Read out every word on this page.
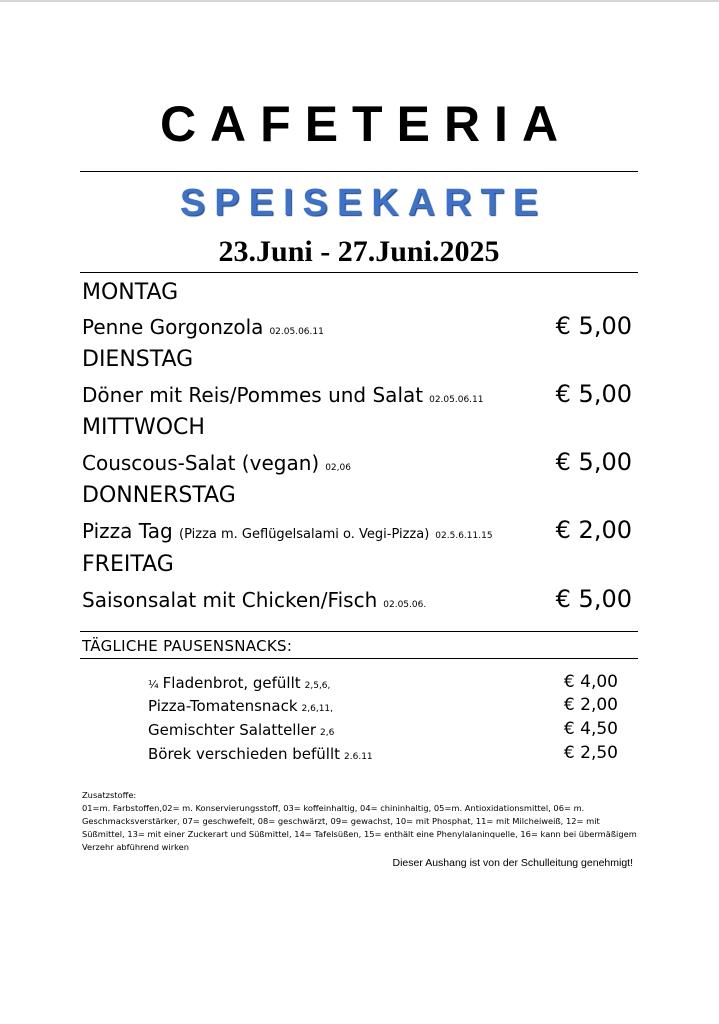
CAFETERIA
SPEISEKARTE
23.Juni - 27.Juni.2025
MONTAG
Penne Gorgonzola 02.05.06.11	€ 5,00
DIENSTAG
Döner mit Reis/Pommes und Salat 02.05.06.11	€ 5,00
MITTWOCH
Couscous-Salat (vegan) 02,06	€ 5,00
DONNERSTAG
Pizza Tag (Pizza m. Geflügelsalami o. Vegi-Pizza) 02.5.6.11.15	€ 2,00
FREITAG
Saisonsalat mit Chicken/Fisch 02.05.06.	€ 5,00
TÄGLICHE PAUSENSNACKS:
¼ Fladenbrot, gefüllt 2,5,6,	€ 4,00
Pizza-Tomatensnack 2,6,11,	€ 2,00
Gemischter Salatteller 2,6	€ 4,50
Börek verschieden befüllt 2.6.11	€ 2,50
Zusatzstoffe:
01=m. Farbstoffen,02= m. Konservierungsstoff, 03= koffeinhaltig, 04= chininhaltig, 05=m. Antioxidationsmittel, 06= m. Geschmacksverstärker, 07= geschwefelt, 08= geschwärzt, 09= gewachst, 10= mit Phosphat, 11= mit Milcheiweiß, 12= mit Süßmittel, 13= mit einer Zuckerart und Süßmittel, 14= Tafelsüßen, 15= enthält eine Phenylalaninquelle, 16= kann bei übermäßigem Verzehr abführend wirken
Dieser Aushang ist von der Schulleitung genehmigt!
